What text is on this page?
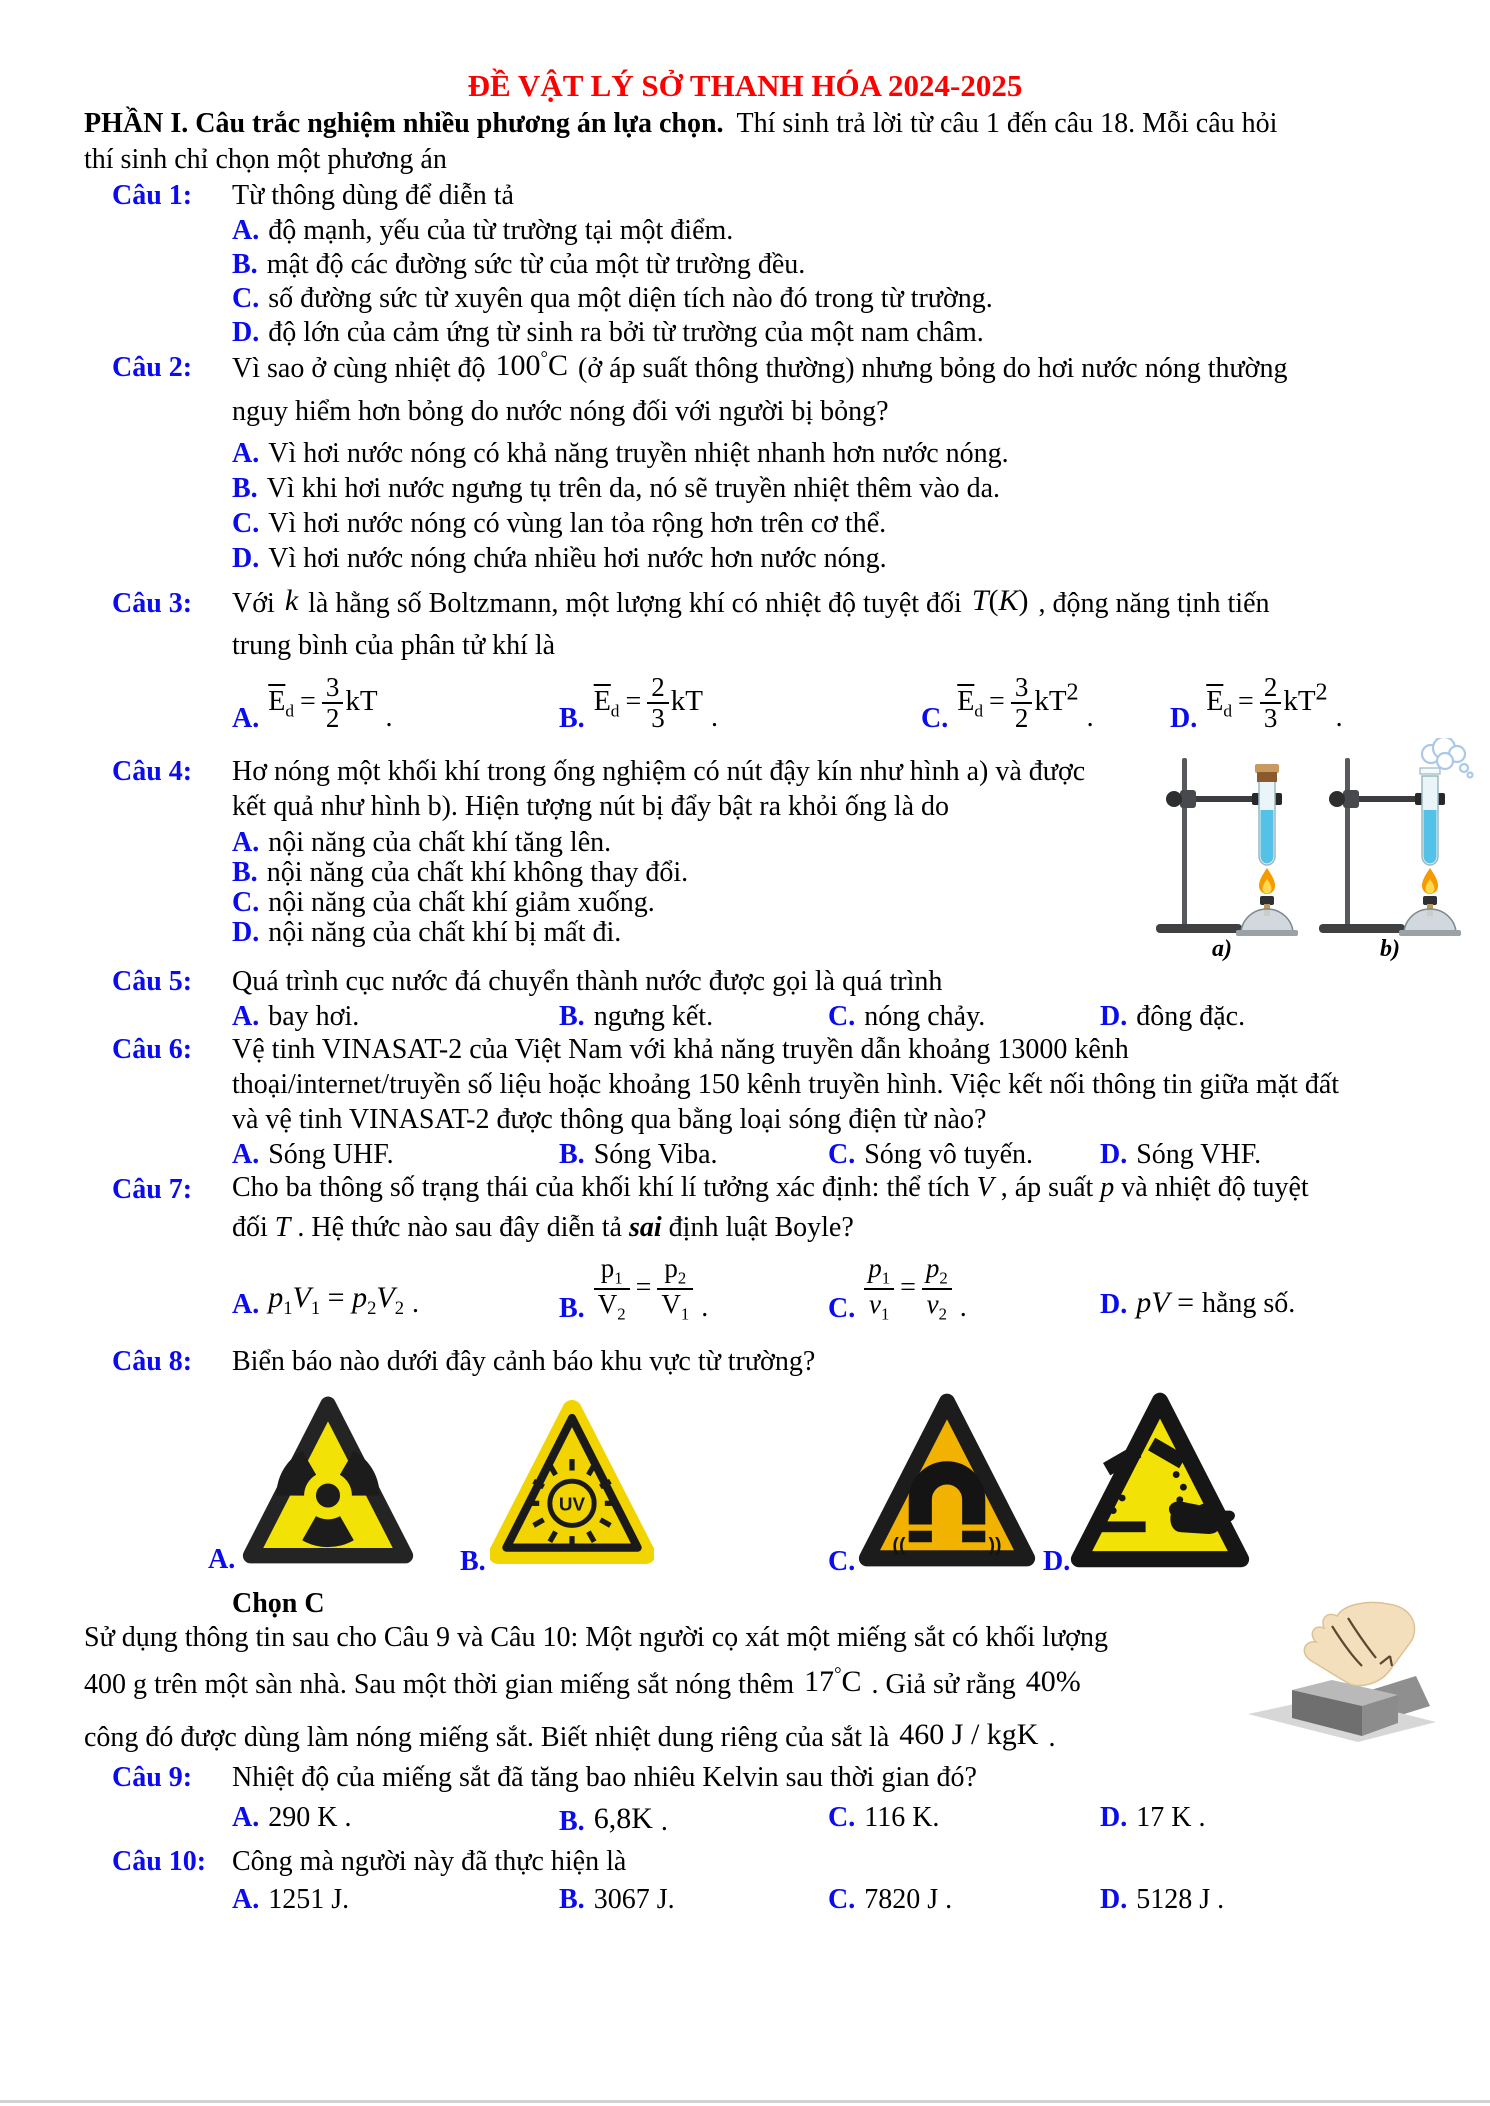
ĐỀ VẬT LÝ SỞ THANH HÓA 2024-2025
PHẦN I. Câu trắc nghiệm nhiều phương án lựa chọn. Thí sinh trả lời từ câu 1 đến câu 18. Mỗi câu hỏi
thí sinh chỉ chọn một phương án
Câu 1: Từ thông dùng để diễn tả
A. độ mạnh, yếu của từ trường tại một điểm.
B. mật độ các đường sức từ của một từ trường đều.
C. số đường sức từ xuyên qua một diện tích nào đó trong từ trường.
D. độ lớn của cảm ứng từ sinh ra bởi từ trường của một nam châm.
Câu 2: Vì sao ở cùng nhiệt độ 100°C (ở áp suất thông thường) nhưng bỏng do hơi nước nóng thường
nguy hiểm hơn bỏng do nước nóng đối với người bị bỏng?
A. Vì hơi nước nóng có khả năng truyền nhiệt nhanh hơn nước nóng.
B. Vì khi hơi nước ngưng tụ trên da, nó sẽ truyền nhiệt thêm vào da.
C. Vì hơi nước nóng có vùng lan tỏa rộng hơn trên cơ thể.
D. Vì hơi nước nóng chứa nhiều hơi nước hơn nước nóng.
Câu 3: Với k là hằng số Boltzmann, một lượng khí có nhiệt độ tuyệt đối T(K) , động năng tịnh tiến
trung bình của phân tử khí là
A.
$\overline{E}_d = \frac{3}{2}$ kT
.	B.
$\overline{E}_d = \frac{2}{3}$ kT
.	C.
$\overline{E}_d = \frac{3}{2} kT^2$
.	D.
$\overline{E}_d = \frac{2}{3} kT^2$
.
Câu 4: Hơ nóng một khối khí trong ống nghiệm có nút đậy kín như hình a) và được
kết quả như hình b). Hiện tượng nút bị đẩy bật ra khỏi ống là do
A. nội năng của chất khí tăng lên.
B. nội năng của chất khí không thay đổi.
C. nội năng của chất khí giảm xuống.
D. nội năng của chất khí bị mất đi.
a)	b)
Câu 5: Quá trình cục nước đá chuyển thành nước được gọi là quá trình
A. bay hơi.	B. ngưng kết.	C. nóng chảy.	D. đông đặc.
Câu 6: Vệ tinh VINASAT-2 của Việt Nam với khả năng truyền dẫn khoảng 13000 kênh
thoại/internet/truyền số liệu hoặc khoảng 150 kênh truyền hình. Việc kết nối thông tin giữa mặt đất
và vệ tinh VINASAT-2 được thông qua bằng loại sóng điện từ nào?
A. Sóng UHF.	B. Sóng Viba.	C. Sóng vô tuyến. D. Sóng VHF.
Câu 7: Cho ba thông số trạng thái của khối khí lí tưởng xác định: thể tích V , áp suất p và nhiệt độ tuyệt
đối T . Hệ thức nào sau đây diễn tả sai định luật Boyle?
A. $p_1V_1 = p_2V_2$ .	B. $\frac{p_1}{V_2} = \frac{p_2}{V_1}$ .	C. $\frac{p_1}{v_1} = \frac{p_2}{v_2}$ .	D. pV = hằng số.
Câu 8: Biển báo nào dưới đây cảnh báo khu vực từ trường?
A.	B.
UV
C.
((	))
D.
Chọn C
Sử dụng thông tin sau cho Câu 9 và Câu 10: Một người cọ xát một miếng sắt có khối lượng
400 g trên một sàn nhà. Sau một thời gian miếng sắt nóng thêm 17°C . Giả sử rằng 40%
công đó được dùng làm nóng miếng sắt. Biết nhiệt dung riêng của sắt là 460 J / kgK .
Câu 9: Nhiệt độ của miếng sắt đã tăng bao nhiêu Kelvin sau thời gian đó?
A. 290 K .	B. 6,8K .	C. 116 K.	D. 17 K .
Câu 10: Công mà người này đã thực hiện là
A. 1251 J.	B. 3067 J.	C. 7820 J .	D. 5128 J .
